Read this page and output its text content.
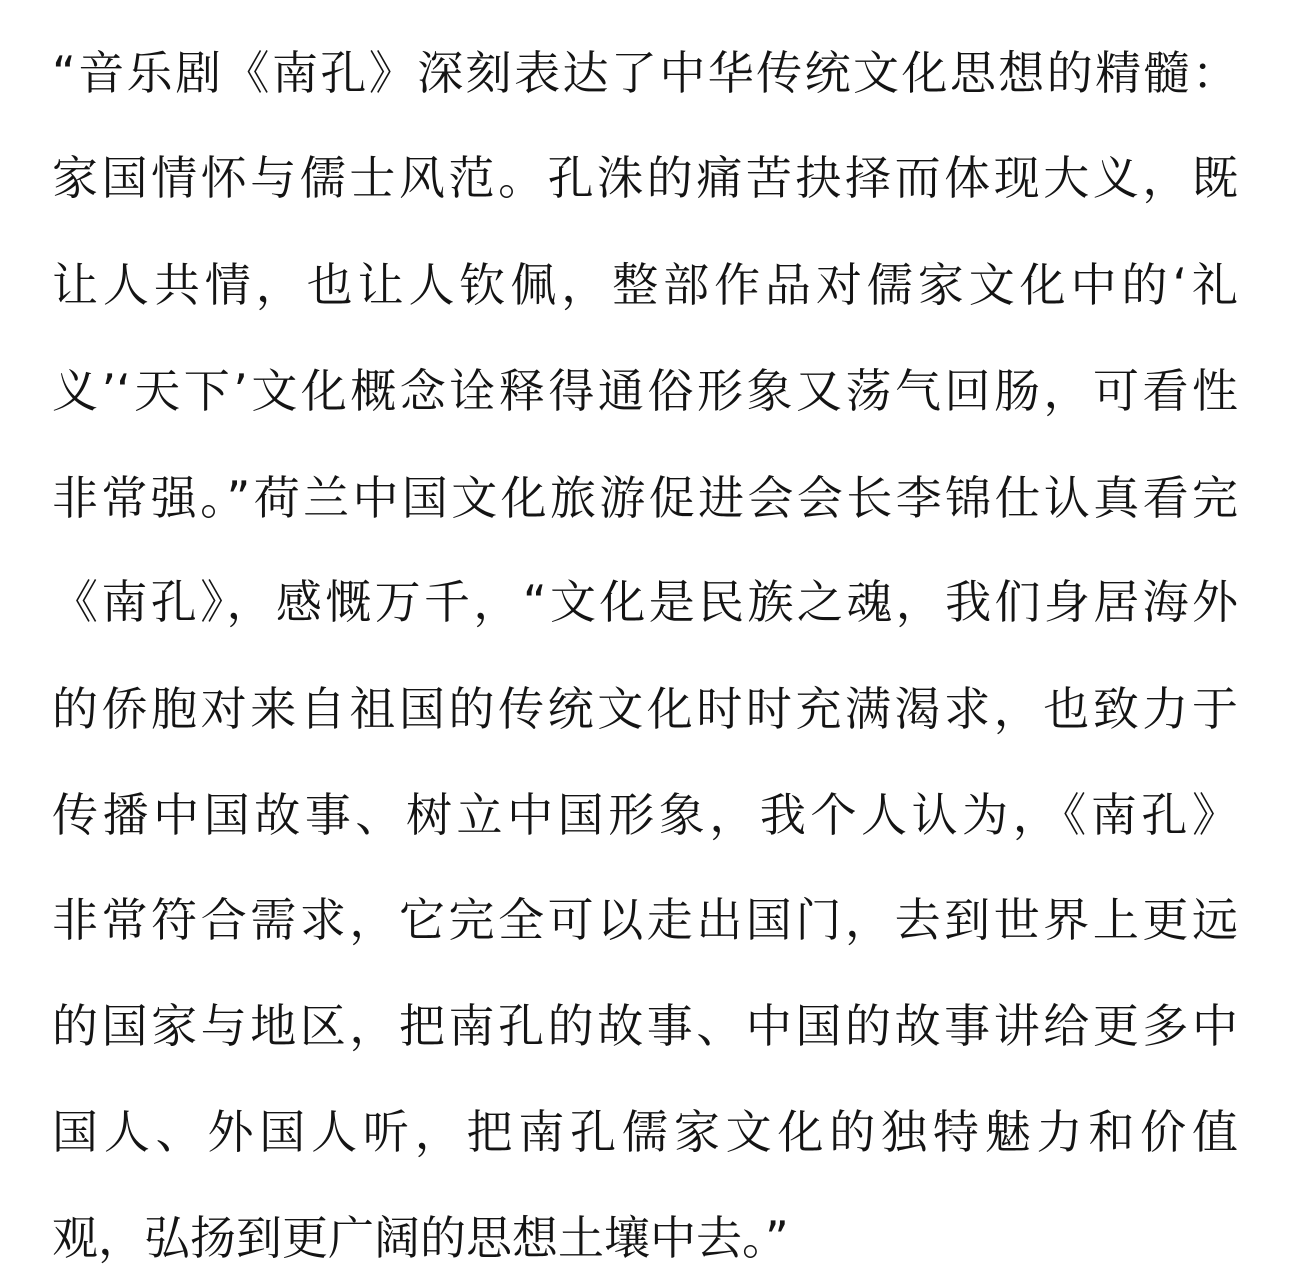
“音乐剧《南孔》深刻表达了中华传统文化思想的精髓：
家国情怀与儒士风范。孔洙的痛苦抉择而体现大义，既
让人共情，也让人钦佩，整部作品对儒家文化中的‘礼
义’‘天下’文化概念诠释得通俗形象又荡气回肠，可看性
非常强。”荷兰中国文化旅游促进会会长李锦仕认真看完
《南孔》，感慨万千，“文化是民族之魂，我们身居海外
的侨胞对来自祖国的传统文化时时充满渴求，也致力于
传播中国故事、树立中国形象，我个人认为，《南孔》
非常符合需求，它完全可以走出国门，去到世界上更远
的国家与地区，把南孔的故事、中国的故事讲给更多中
国人、外国人听，把南孔儒家文化的独特魅力和价值
观，弘扬到更广阔的思想土壤中去。”
